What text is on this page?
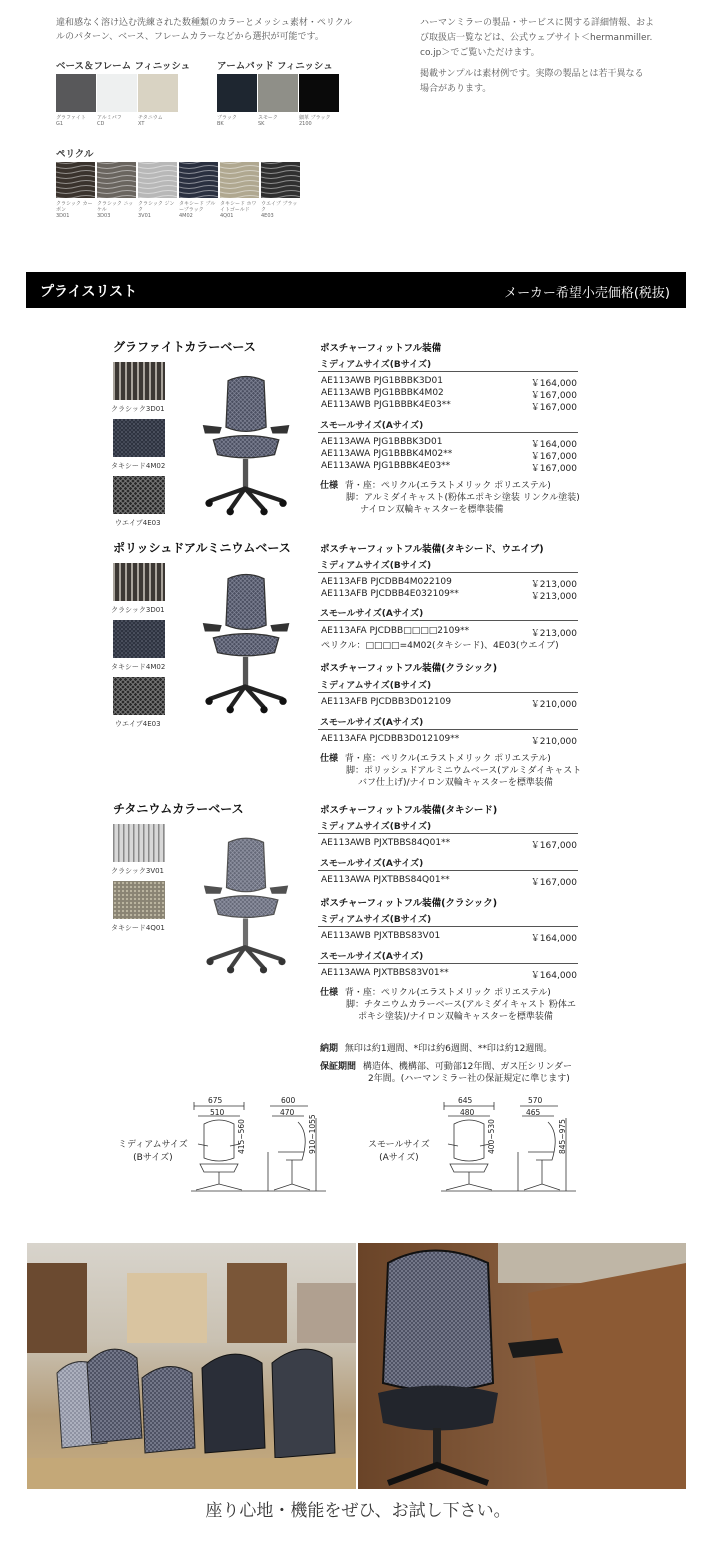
違和感なく溶け込む洗練された数種類のカラーとメッシュ素材・ペリクル
ルのパターン、ベース、フレームカラーなどから選択が可能です。
ハーマンミラーの製品・サービスに関する詳細情報、およ
び取扱店一覧などは、公式ウェブサイト＜hermanmiller.
co.jp＞でご覧いただけます。
掲載サンプルは素材例です。実際の製品とは若干異なる
場合があります。
ベース＆フレーム フィニッシュ	アームパッド フィニッシュ
グラファイト
G1
アルミパフ
CD
チタニウム
XT
ブラック
BK
スモーク
SK
細革 ブラック
2100
ペリクル
クラシック カーボン
3D01
クラシック ニッケル
3D03
クラシック ジンク
3V01
タキシード ブルーブラック
4M02
タキシード ホワイトゴールド
4Q01
ウエイブ ブラック
4E03
プライスリスト	メーカー希望小売価格(税抜)
グラファイトカラーベース
クラシック3D01
タキシード4M02
ウエイブ4E03
ポスチャーフィットフル装備
ミディアムサイズ(Bサイズ)
AE113AWB PJG1BBBK3D01	￥164,000
AE113AWB PJG1BBBK4M02	￥167,000
AE113AWB PJG1BBBK4E03**	￥167,000
スモールサイズ(Aサイズ)
AE113AWA PJG1BBBK3D01	￥164,000
AE113AWA PJG1BBBK4M02**	￥167,000
AE113AWA PJG1BBBK4E03**	￥167,000
仕様 背・座：ペリクル(エラストメリック ポリエステル)
脚：アルミダイキャスト(粉体エポキシ塗装 リンクル塗装)
ナイロン双輪キャスターを標準装備
ポリッシュドアルミニウムベース
クラシック3D01
タキシード4M02
ウエイブ4E03
ポスチャーフィットフル装備(タキシード、ウエイブ)
ミディアムサイズ(Bサイズ)
AE113AFB PJCDBB4M022109	￥213,000
AE113AFB PJCDBB4E032109**	￥213,000
スモールサイズ(Aサイズ)
AE113AFA PJCDBB□□□□2109**	￥213,000
ペリクル：□□□□=4M02(タキシード)、4E03(ウエイブ)
ポスチャーフィットフル装備(クラシック)
ミディアムサイズ(Bサイズ)
AE113AFB PJCDBB3D012109	￥210,000
スモールサイズ(Aサイズ)
AE113AFA PJCDBB3D012109**	￥210,000
仕様 背・座：ペリクル(エラストメリック ポリエステル)
脚：ポリッシュドアルミニウムベース(アルミダイキャスト
バフ仕上げ)/ナイロン双輪キャスターを標準装備
チタニウムカラーベース
クラシック3V01
タキシード4Q01
ポスチャーフィットフル装備(タキシード)
ミディアムサイズ(Bサイズ)
AE113AWB PJXTBBS84Q01**	￥167,000
スモールサイズ(Aサイズ)
AE113AWA PJXTBBS84Q01**	￥167,000
ポスチャーフィットフル装備(クラシック)
ミディアムサイズ(Bサイズ)
AE113AWB PJXTBBS83V01	￥164,000
スモールサイズ(Aサイズ)
AE113AWA PJXTBBS83V01**	￥164,000
仕様 背・座：ペリクル(エラストメリック ポリエステル)
脚：チタニウムカラーベース(アルミダイキャスト 粉体エ
ポキシ塗装)/ナイロン双輪キャスターを標準装備
納期 無印は約1週間、*印は約6週間、**印は約12週間。
保証期間 構造体、機構部、可動部12年間、ガス圧シリンダー
2年間。(ハーマンミラー社の保証規定に準じます)
ミディアムサイズ
(Bサイズ)
スモールサイズ
(Aサイズ)
675
510
600
470
415~560	910~1055
645
480
570
465
400~530	845~975
座り心地・機能をぜひ、お試し下さい。
